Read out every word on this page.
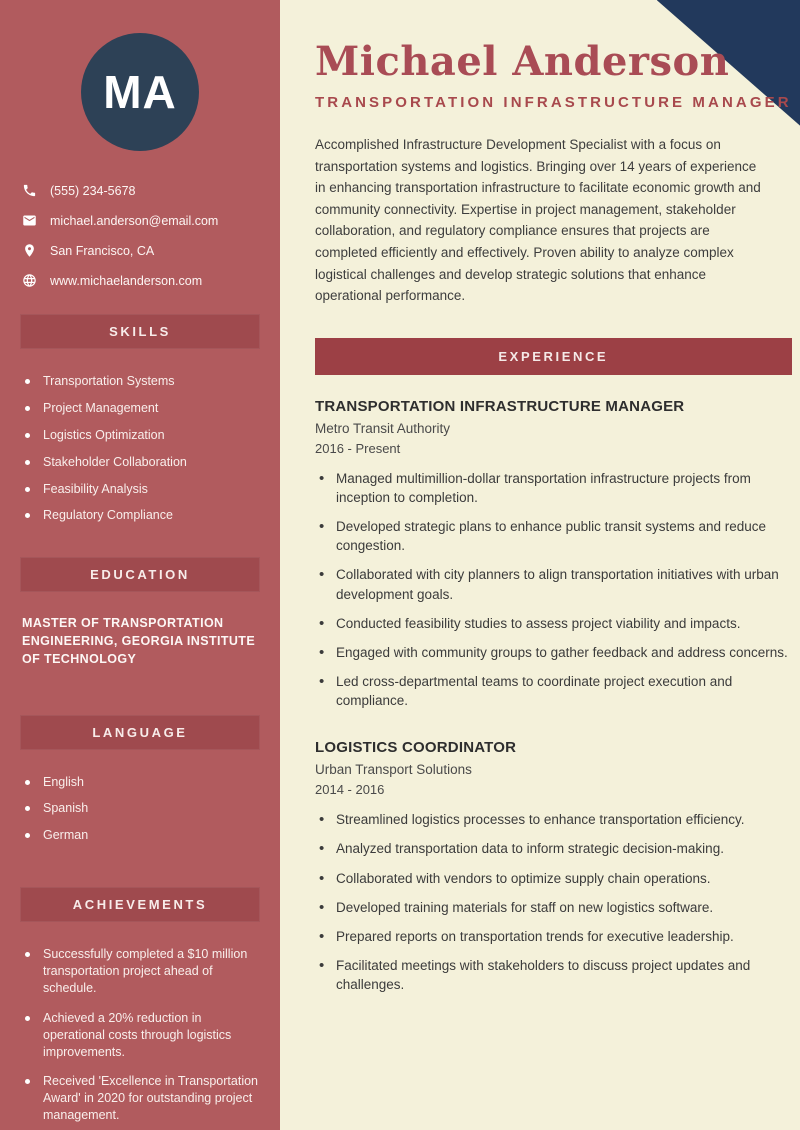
MA
(555) 234-5678
michael.anderson@email.com
San Francisco, CA
www.michaelanderson.com
SKILLS
Transportation Systems
Project Management
Logistics Optimization
Stakeholder Collaboration
Feasibility Analysis
Regulatory Compliance
EDUCATION
MASTER OF TRANSPORTATION ENGINEERING, GEORGIA INSTITUTE OF TECHNOLOGY
LANGUAGE
English
Spanish
German
ACHIEVEMENTS
Successfully completed a $10 million transportation project ahead of schedule.
Achieved a 20% reduction in operational costs through logistics improvements.
Received 'Excellence in Transportation Award' in 2020 for outstanding project management.
Michael Anderson
TRANSPORTATION INFRASTRUCTURE MANAGER

Accomplished Infrastructure Development Specialist with a focus on transportation systems and logistics. Bringing over 14 years of experience in enhancing transportation infrastructure to facilitate economic growth and community connectivity. Expertise in project management, stakeholder collaboration, and regulatory compliance ensures that projects are completed efficiently and effectively. Proven ability to analyze complex logistical challenges and develop strategic solutions that enhance operational performance.

EXPERIENCE
TRANSPORTATION INFRASTRUCTURE MANAGER
Metro Transit Authority
2016 - Present
• Managed multimillion-dollar transportation infrastructure projects from inception to completion.
• Developed strategic plans to enhance public transit systems and reduce congestion.
• Collaborated with city planners to align transportation initiatives with urban development goals.
• Conducted feasibility studies to assess project viability and impacts.
• Engaged with community groups to gather feedback and address concerns.
• Led cross-departmental teams to coordinate project execution and compliance.
LOGISTICS COORDINATOR
Urban Transport Solutions
2014 - 2016
• Streamlined logistics processes to enhance transportation efficiency.
• Analyzed transportation data to inform strategic decision-making.
• Collaborated with vendors to optimize supply chain operations.
• Developed training materials for staff on new logistics software.
• Prepared reports on transportation trends for executive leadership.
• Facilitated meetings with stakeholders to discuss project updates and challenges.
